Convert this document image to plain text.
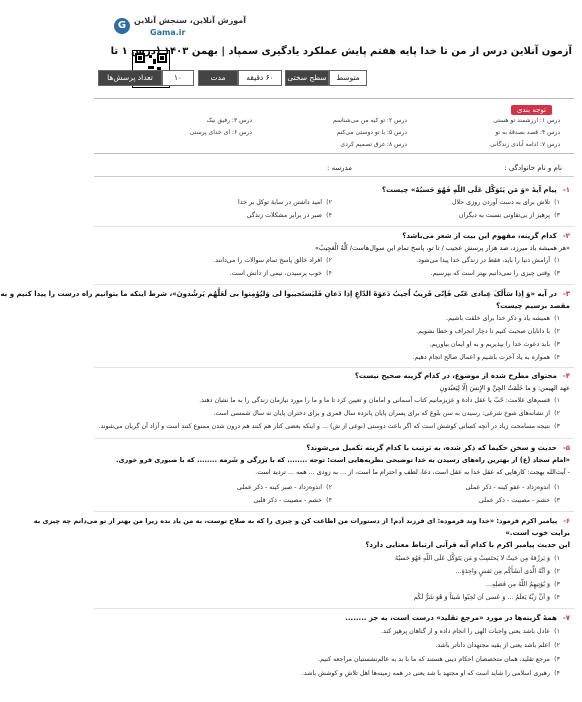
G آموزش آنلاین، سنجش آنلاین
Gama.ir
آزمون آنلاین درس از من تا خدا پایه هفتم پایش عملکرد یادگیری سمپاد | بهمن ۱۴۰۳ (درس ۱ تا
۱۰
تعداد پرسش‌ها	۶۰ دقیقه
مدت پاسخگویی
متوسط
سطح سختی
توجه بندی
درس ۱: ارزشمند تو هستی
درس ۲: تو کیه من می‌شناسم
درس ۳: رفیق نیک
درس ۴: قصد بصدقهٔ به تو
درس ۵: با تو دوستی می‌کنم
درس ۶: ای خدای پرستی
درس ۷: ادامه آبادی زندگانی
درس ۸: غرق تصمیم کردی
نام و نام خانوادگی :
مدرسه :
۱-پیام آیهٔ «وَ مَن یَتَوَکَّل عَلَی اللّهِ فَهُوَ حَسبُهُ» چیست؟
۱)تلاش برای به دست آوردن روزی حلال
۲)امید داشتن در سایهٔ توکل بر خدا
۳)پرهیز از بی‌تفاوتی نسبت به دیگران
۴)صبر در برابر مشکلات زندگی
۲-کدام گزینه، مفهوم این بیت از شعر می‌باشد؟
«هر همیشه باد میرزد، صد هزار پرسش عجیب / تا تو، پاسخ تمام این سوال‌هاست/ اَلَّهُ الْعَجِیبُ»
۱)آرامش دنیا را باید، فقط در زندگی خدا پیدا می‌شود.
۲)افراد خالق پاسخ تمام سوالات را می‌دانند.
۳)وقتی چیزی را نمی‌دانیم بهتر است که بپرسیم.
۴)خوب پرسیدن، نیمی از دانش است.
۳-در آیه «وَ اِذا سَأَلَکَ عِبادی عَنّی فَاِنّی قَریبٌ اُجیبُ دَعوَةَ الدّاعِ اِذا دَعانِ فَلیَستَجیبوا لی وَلیُؤمِنوا بی لَعَلَّهُم یَرشُدونَ»، شرط اینکه ما بتوانیم راه درست را پیدا کنیم و به
مقصد برسیم چیست؟
۱)همیشه یاد و ذکر خدا برای خلقت باشیم.
۲)با دانایان صحبت کنیم تا دچار انحراف و خطا نشویم.
۳)باید دعوت خدا را بپذیریم و به او ایمان بیاوریم.
۴)همواره به یاد آخرت باشیم و اعمال صالح انجام دهیم.
۴-محتوای مطرح شده از موضوع، در کدام گزینه صحیح نیست؟
عهد الهیمن: وَ ما خَلَقتُ الجِنَّ وَ الإِنسَ اِلّا لِیَعبُدونِ
۱)قسم‌های علامت: حُبّ یا عقل دادهٔ و عزیزمانیم کتاب آسمانی و امامان ‌و تعیین کرد تا ما و ما را مورد نیازمان ‌زندگی را به ما نشان دهند.
۲)از نشانه‌های شوخ شرعی: رسیدن به سن بلوغ که برای پسران پایان پانزده سال قمری و برای دختران پایان نه سال شمسی است.
۳)نتیجه مسامحت زیاد در آنچه کسانی کوشش است که اگر باعث دوستی (نوعی از ش) ... و اینکه بعضی کنار هم کنند هم درون شدن ممنوع کنند است و آزاد آن گریان می‌شوند.
۵-حدیث و سخن حکیما که ذکر شده، به ترتیب با کدام گزینه تکمیل می‌شوند؟
«امام سجاد (ع) از بهترین راه‌های رسیدن به خدا توضیحی نظریه‌هایی است: توجه ........ که با بزرگی و شَرمه ........ که با صبوری فرو خوری.
- آیت‌الله بهجت: کارهایی که عقل خدا به عقل است، دعا، لطف و احترام ما است، از ... به زودی ... همه ... تردید است.
۱)اندوه‌زداد - عفو کینه - ذکر عملی
۲)اندوه‌زداد - صبر کینه - ذکر عملی
۳)خشم - مصیبت - ذکر عملی
۴)خشم - مصیبت - ذکر قلبی
۶-پیامبر اکرم فرمود: «خدا وند فرموده: ای فرزند آدم! از دستورات من اطاعت کن و چیزی را که به صلاح توست، به من یاد نده زیرا من بهتر از تو می‌دانم چه چیزی به
برایت خوب است.»
این حدیث پیامبر اکرم با کدام آیه قرآنی ارتباط معنایی دارد؟
۱)وَ یَرزُقهُ مِن حَیثُ لا یَحتَسِبُ وَ مَن یَتَوَکَّل عَلَی اللّهِ فَهُوَ حَسبُهُ
۲)وَ اَنَّهُ الَّذی اَنشَأَکُم مِن نَفسٍ واحِدَةٍ...
۳)وَ یُؤتِیهِمُ اللّهُ مِن فَضلِهِ...
۴)وَ اَنَّ رَبَّهُ یَعلَمُ ... وَ عَسی اَن تُحِبّوا شَیئاً وَ هُوَ شَرٌّ لَکُم
۷-همهٔ گزینه‌ها در مورد «مرجع تقلید» درست است، به جز ........
۱)عادل باشد یعنی واجبات الهی را انجام داده و از گناهان پرهیز کند.
۲)اعلم باشد یعنی از بقیه مجتهدان داناتر باشد.
۳)مرجع تقلید، همان متخصصان احکام دینی هستند که ما با بد به عالم‌نشستیان مراجعه کنیم.
۴)رهبری اسلامی را شاید است که او مجتهد با شد یعنی در همه زمینه‌ها اهل تلاش و کوشش باشد.
